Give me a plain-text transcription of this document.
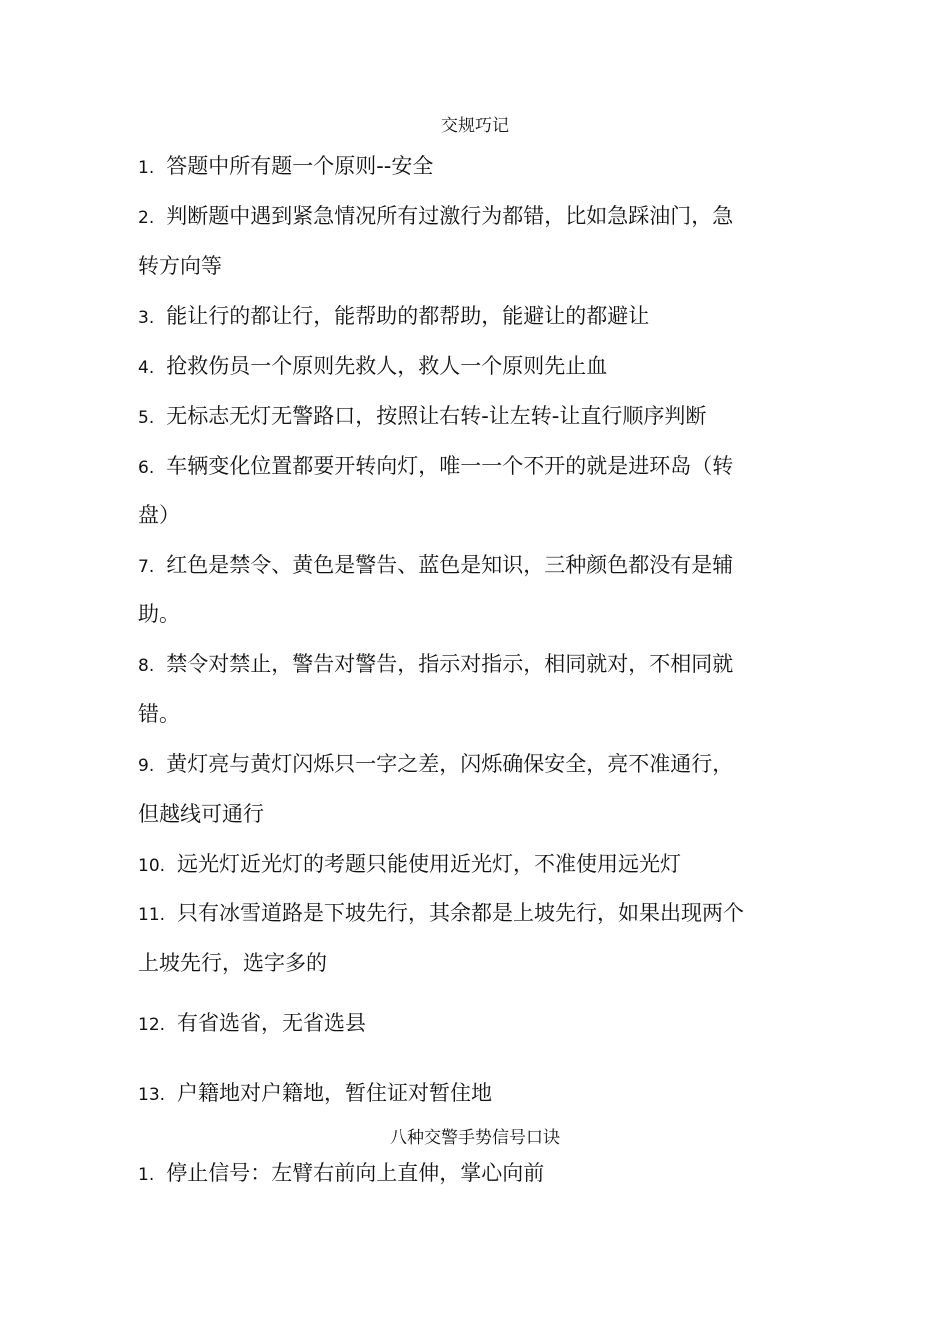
交规巧记
1. 答题中所有题一个原则--安全
2. 判断题中遇到紧急情况所有过激行为都错，比如急踩油门，急
转方向等
3. 能让行的都让行，能帮助的都帮助，能避让的都避让
4. 抢救伤员一个原则先救人，救人一个原则先止血
5. 无标志无灯无警路口，按照让右转-让左转-让直行顺序判断
6. 车辆变化位置都要开转向灯，唯一一个不开的就是进环岛（转
盘）
7. 红色是禁令、黄色是警告、蓝色是知识，三种颜色都没有是辅
助。
8. 禁令对禁止，警告对警告，指示对指示，相同就对，不相同就
错。
9. 黄灯亮与黄灯闪烁只一字之差，闪烁确保安全，亮不准通行，
但越线可通行
10. 远光灯近光灯的考题只能使用近光灯，不准使用远光灯
11. 只有冰雪道路是下坡先行，其余都是上坡先行，如果出现两个
上坡先行，选字多的
12. 有省选省，无省选县
13. 户籍地对户籍地，暂住证对暂住地
八种交警手势信号口诀
1. 停止信号：左臂右前向上直伸，掌心向前
